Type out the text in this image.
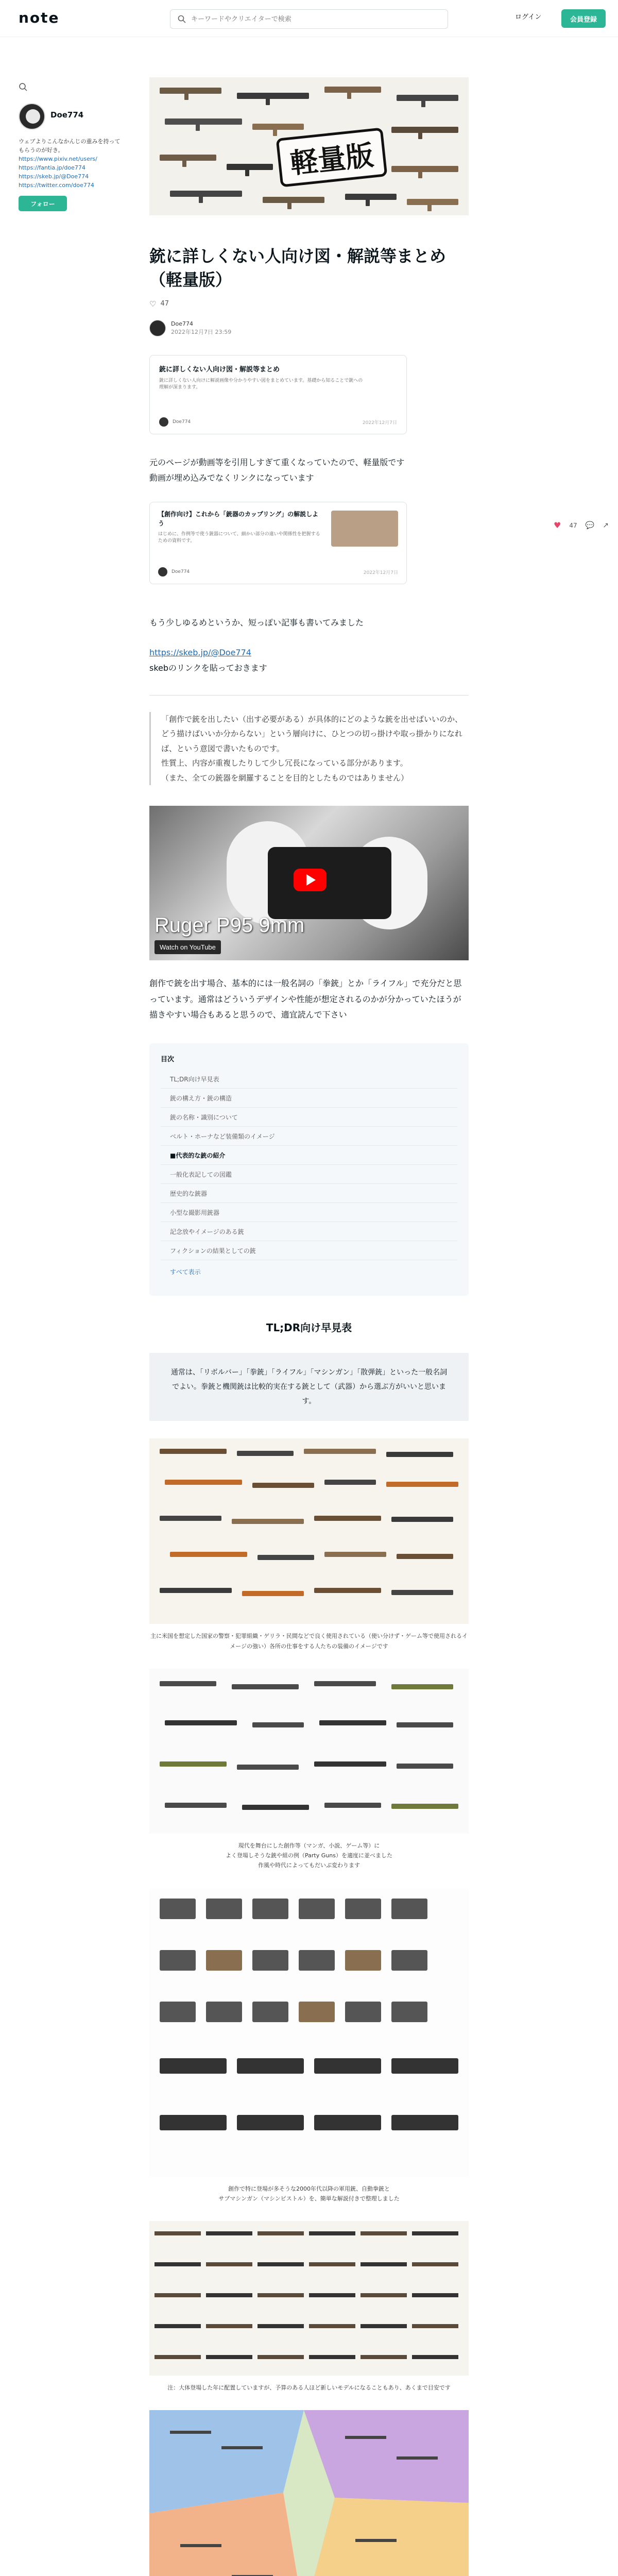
note
キーワードやクリエイターで検索	ログイン	会員登録
Doe774
ウェブよりこんなかんじの重みを持ってもらうのが好き。
https://www.pixiv.net/users/
https://fantia.jp/doe774
https://skeb.jp/@Doe774
https://twitter.com/doe774
フォロー
♥ 47 💬 ↗
軽量版
銃に詳しくない人向け図・解説等まとめ（軽量版）
♡ 47
Doe774
2022年12月7日 23:59
銃に詳しくない人向け図・解説等まとめ
銃に詳しくない人向けに解説画像や分かりやすい図をまとめています。基礎から知ることで銃への理解が深まります。
Doe774	2022年12月7日

元のページが動画等を引用しすぎて重くなっていたので、軽量版です
動画が埋め込みでなくリンクになっています

【創作向け】これから「銃器のカップリング」の解説しよう
はじめに、作例等で使う銃器について、細かい部分の違いや関係性を把握するための資料です。
Doe774	2022年12月7日

もう少しゆるめというか、短っぽい記事も書いてみました

https://skeb.jp/@Doe774
skebのリンクを貼っておきます

「創作で銃を出したい（出す必要がある）が具体的にどのような銃を出せばいいのか、どう描けばいいか分からない」という層向けに、ひとつの切っ掛けや取っ掛かりになれば、という意図で書いたものです。
性質上、内容が重複したりして少し冗長になっている部分があります。
（また、全ての銃器を網羅することを目的としたものではありません）
Ruger P95 9mm
Watch on YouTube

創作で銃を出す場合、基本的には一般名詞の「拳銃」とか「ライフル」で充分だと思っています。通常はどういうデザインや性能が想定されるのかが分かっていたほうが描きやすい場合もあると思うので、適宜読んで下さい

目次
TL;DR向け早見表
銃の構え方・銃の構造
銃の名称・識別について
ベルト・ホーナなど装備類のイメージ
■代表的な銃の紹介
一般化表記しての図鑑
歴史的な銃器
小型な撮影用銃器
記念放やイメージのある銃
フィクションの結果としての銃
すべて表示
TL;DR向け早見表
通常は、「リボルバー」「拳銃」「ライフル」「マシンガン」「散弾銃」といった一般名詞でよい。拳銃と機関銃は比較的実在する銃として（武器）から選ぶ方がいいと思います。
主に米国を想定した国家の警察・犯罪組織・ゲリラ・民間などで良く使用されている（使い分けず・ゲーム等で使用されるイメージの強い）各所の仕事をする人たちの装備のイメージです
現代を舞台にした創作等（マンガ、小説、ゲーム等）に
よく登場しそうな銃や組の例（Party Guns）を適度に並べました
作風や時代によってもだいぶ変わります
創作で特に登場が多そうな2000年代以降の軍用銃、自動拳銃と
サブマシンガン（マシンピストル）を、簡単な解説付きで整理しました
注：大体登場した年に配置していますが、予算のある人ほど新しいモデルになることもあり、あくまで目安です
